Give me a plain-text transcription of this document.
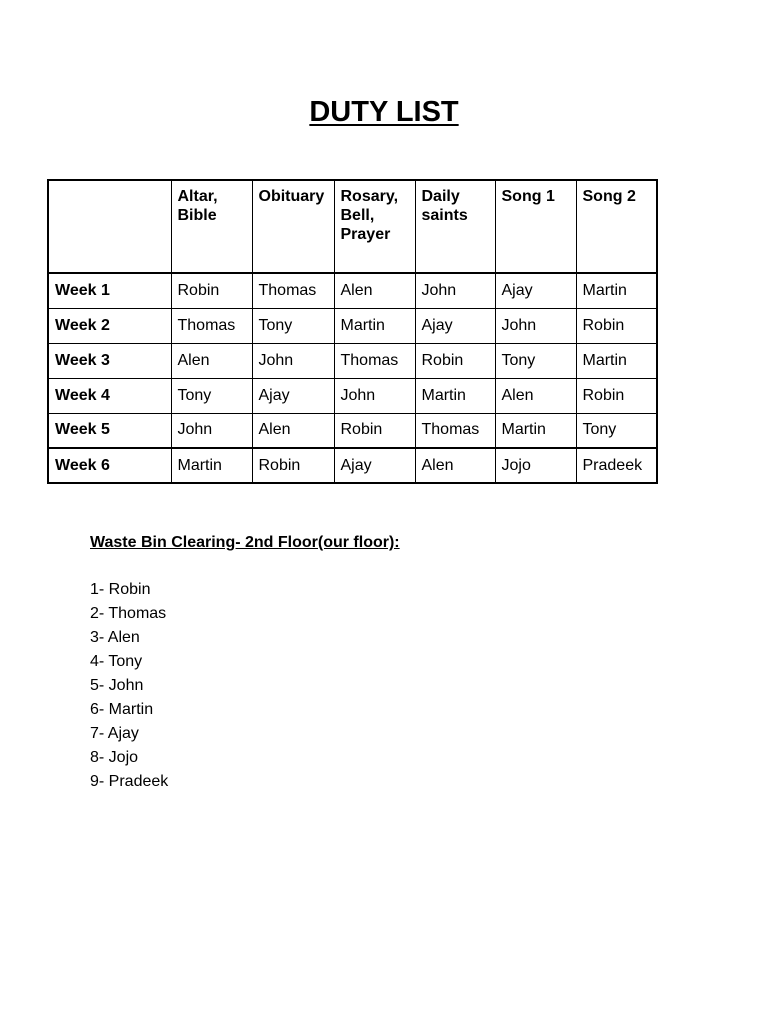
DUTY LIST
	Altar, Bible	Obituary	Rosary, Bell, Prayer	Daily saints	Song 1	Song 2
Week 1	Robin	Thomas	Alen	John	Ajay	Martin
Week 2	Thomas	Tony	Martin	Ajay	John	Robin
Week 3	Alen	John	Thomas	Robin	Tony	Martin
Week 4	Tony	Ajay	John	Martin	Alen	Robin
Week 5	John	Alen	Robin	Thomas	Martin	Tony
Week 6	Martin	Robin	Ajay	Alen	Jojo	Pradeek
Waste Bin Clearing- 2nd Floor(our floor):
1- Robin
2- Thomas
3- Alen
4- Tony
5- John
6- Martin
7- Ajay
8- Jojo
9- Pradeek
